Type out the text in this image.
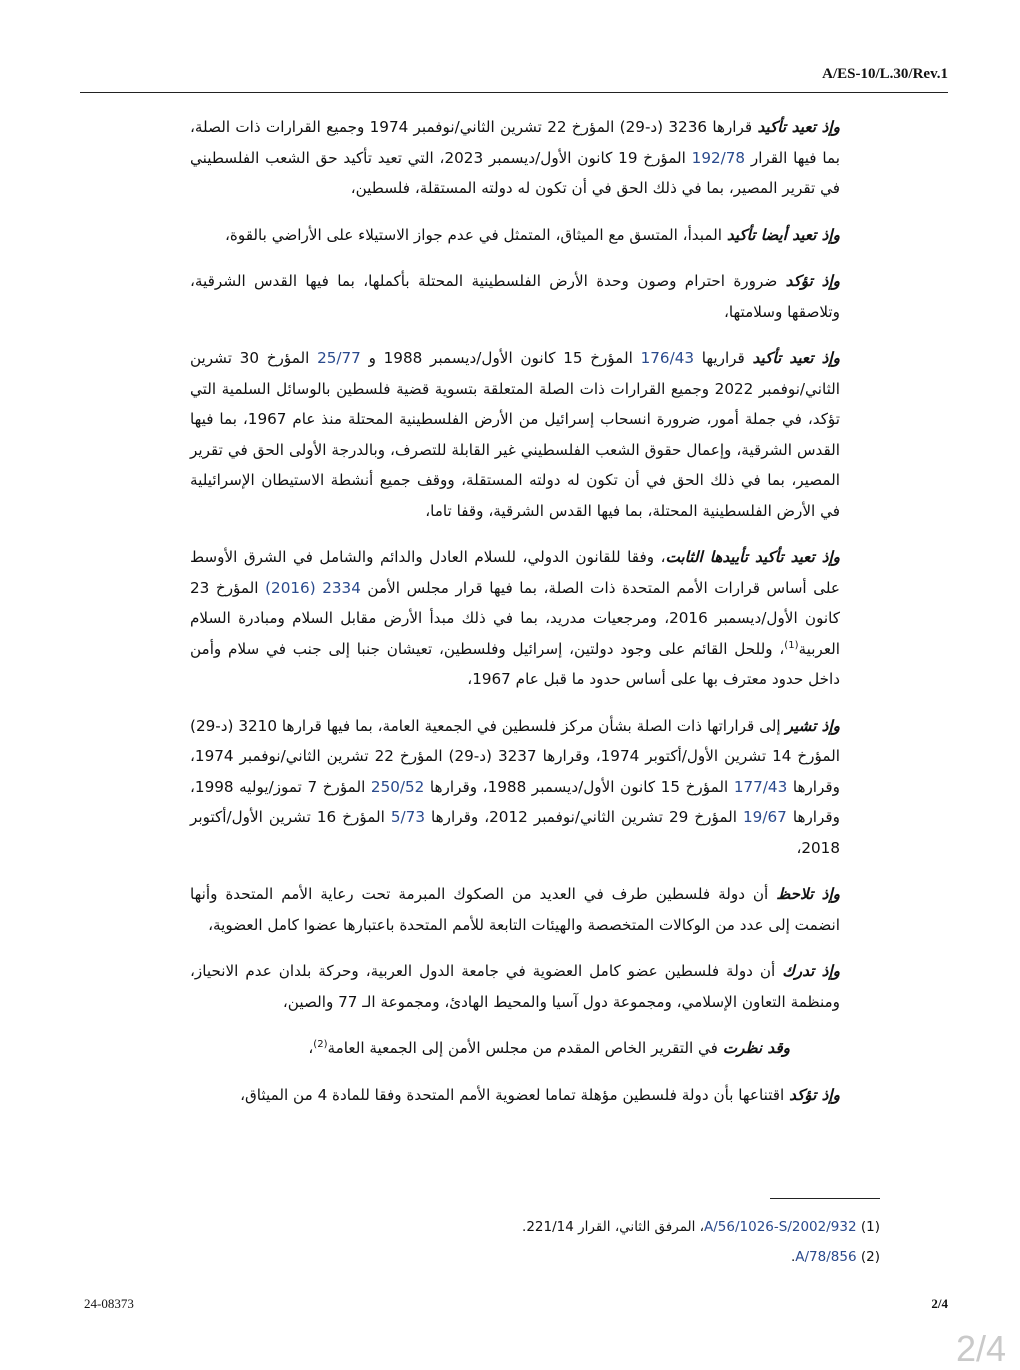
A/ES-10/L.30/Rev.1

وإذ تعيد تأكيد قرارها 3236 (د-29) المؤرخ 22 تشرين الثاني/نوفمبر 1974 وجميع القرارات ذات الصلة، بما فيها القرار 192/78 المؤرخ 19 كانون الأول/ديسمبر 2023، التي تعيد تأكيد حق الشعب الفلسطيني في تقرير المصير، بما في ذلك الحق في أن تكون له دولته المستقلة، فلسطين،

وإذ تعيد أيضا تأكيد المبدأ، المتسق مع الميثاق، المتمثل في عدم جواز الاستيلاء على الأراضي بالقوة،

وإذ تؤكد ضرورة احترام وصون وحدة الأرض الفلسطينية المحتلة بأكملها، بما فيها القدس الشرقية، وتلاصقها وسلامتها،

وإذ تعيد تأكيد قراريها 176/43 المؤرخ 15 كانون الأول/ديسمبر 1988 و 25/77 المؤرخ 30 تشرين الثاني/نوفمبر 2022 وجميع القرارات ذات الصلة المتعلقة بتسوية قضية فلسطين بالوسائل السلمية التي تؤكد، في جملة أمور، ضرورة انسحاب إسرائيل من الأرض الفلسطينية المحتلة منذ عام 1967، بما فيها القدس الشرقية، وإعمال حقوق الشعب الفلسطيني غير القابلة للتصرف، وبالدرجة الأولى الحق في تقرير المصير، بما في ذلك الحق في أن تكون له دولته المستقلة، ووقف جميع أنشطة الاستيطان الإسرائيلية في الأرض الفلسطينية المحتلة، بما فيها القدس الشرقية، وقفا تاما،

وإذ تعيد تأكيد تأييدها الثابت، وفقا للقانون الدولي، للسلام العادل والدائم والشامل في الشرق الأوسط على أساس قرارات الأمم المتحدة ذات الصلة، بما فيها قرار مجلس الأمن 2334 (2016) المؤرخ 23 كانون الأول/ديسمبر 2016، ومرجعيات مدريد، بما في ذلك مبدأ الأرض مقابل السلام ومبادرة السلام العربية$^{(1)}$، وللحل القائم على وجود دولتين، إسرائيل وفلسطين، تعيشان جنبا إلى جنب في سلام وأمن داخل حدود معترف بها على أساس حدود ما قبل عام 1967،

وإذ تشير إلى قراراتها ذات الصلة بشأن مركز فلسطين في الجمعية العامة، بما فيها قرارها 3210 (د-29) المؤرخ 14 تشرين الأول/أكتوبر 1974، وقرارها 3237 (د-29) المؤرخ 22 تشرين الثاني/نوفمبر 1974، وقرارها 177/43 المؤرخ 15 كانون الأول/ديسمبر 1988، وقرارها 250/52 المؤرخ 7 تموز/يوليه 1998، وقرارها 19/67 المؤرخ 29 تشرين الثاني/نوفمبر 2012، وقرارها 5/73 المؤرخ 16 تشرين الأول/أكتوبر 2018،

وإذ تلاحظ أن دولة فلسطين طرف في العديد من الصكوك المبرمة تحت رعاية الأمم المتحدة وأنها انضمت إلى عدد من الوكالات المتخصصة والهيئات التابعة للأمم المتحدة باعتبارها عضوا كامل العضوية،

وإذ تدرك أن دولة فلسطين عضو كامل العضوية في جامعة الدول العربية، وحركة بلدان عدم الانحياز، ومنظمة التعاون الإسلامي، ومجموعة دول آسيا والمحيط الهادئ، ومجموعة الـ 77 والصين،

وقد نظرت في التقرير الخاص المقدم من مجلس الأمن إلى الجمعية العامة$^{(2)}$،

وإذ تؤكد اقتناعها بأن دولة فلسطين مؤهلة تماما لعضوية الأمم المتحدة وفقا للمادة 4 من الميثاق،

(1) A/56/1026-S/2002/932، المرفق الثاني، القرار 221/14.
(2) A/78/856.
24-08373	2/4
2/4
